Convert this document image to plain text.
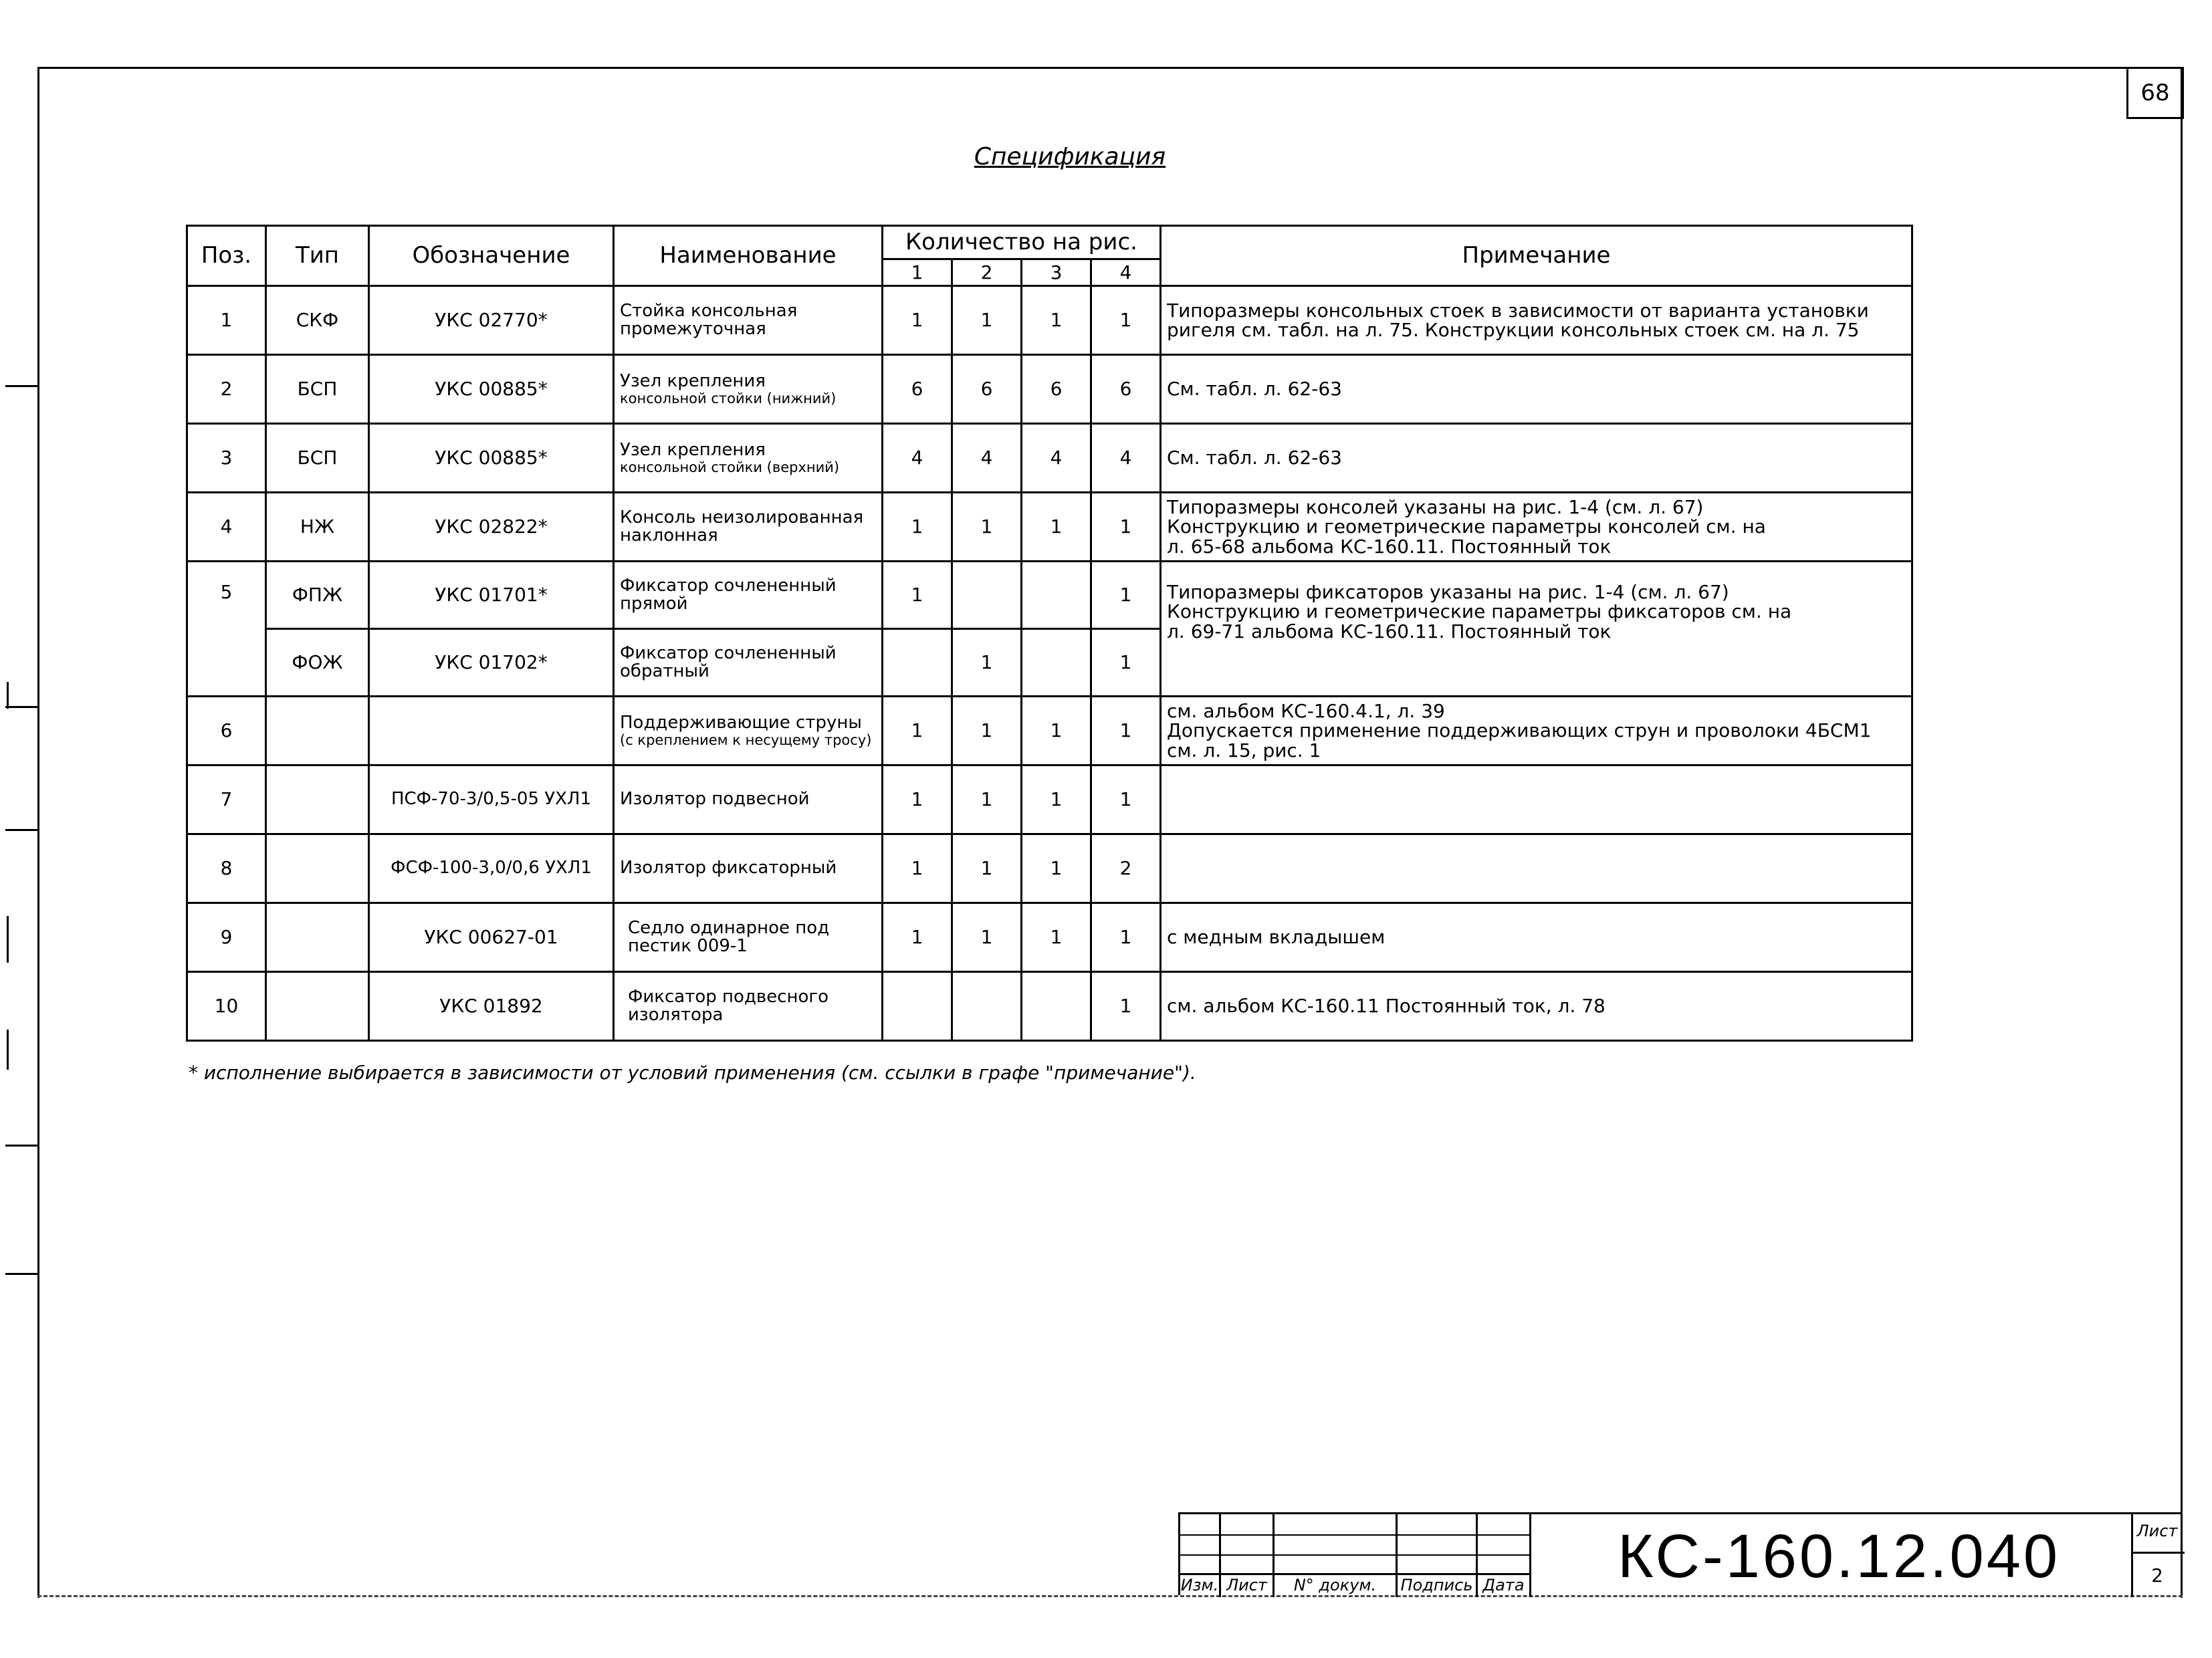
68
Спецификация
Поз.	Тип	Обозначение	Наименование	Количество на рис.				Примечание
				1	2	3	4	
1	СКФ	УКС 02770*	Стойка консольная промежуточная	1	1	1	1	Типоразмеры консольных стоек в зависимости от варианта установки
ригеля см. табл. на л. 75. Конструкции консольных стоек см. на л. 75

2	БСП	УКС 00885*	Узел крепления
консольной стойки (нижний)	6	6	6	6	См. табл. л. 62-63

3	БСП	УКС 00885*	Узел крепления
консольной стойки (верхний)	4	4	4	4	См. табл. л. 62-63

4	НЖ	УКС 02822*	Консоль неизолированная наклонная	1	1	1	1	Типоразмеры консолей указаны на рис. 1-4 (см. л. 67)
Конструкцию и геометрические параметры консолей см. на
л. 65-68 альбома КС-160.11. Постоянный ток

5	ФПЖ	УКС 01701*	Фиксатор сочлененный прямой	1			1	Типоразмеры фиксаторов указаны на рис. 1-4 (см. л. 67)
Конструкцию и геометрические параметры фиксаторов см. на
л. 69-71 альбома КС-160.11. Постоянный ток

	ФОЖ	УКС 01702*	Фиксатор сочлененный обратный		1		1	
6			Поддерживающие струны
(с креплением к несущему тросу)	1	1	1	1	см. альбом КС-160.4.1, л. 39
Допускается применение поддерживающих струн и проволоки 4БСМ1
см. л. 15, рис. 1

7		ПСФ-70-3/0,5-05 УХЛ1	Изолятор подвесной	1	1	1	1	

8		ФСФ-100-3,0/0,6 УХЛ1	Изолятор фиксаторный	1	1	1	2	

9		УКС 00627-01	Седло одинарное под пестик 009-1	1	1	1	1	с медным вкладышем

10		УКС 01892	Фиксатор подвесного изолятора				1	см. альбом КС-160.11 Постоянный ток, л. 78
* исполнение выбирается в зависимости от условий применения (см. ссылки в графе "примечание").
Изм. Лист	N° докум.	Подпись Дата	КС-160.12.040	Лист
2
